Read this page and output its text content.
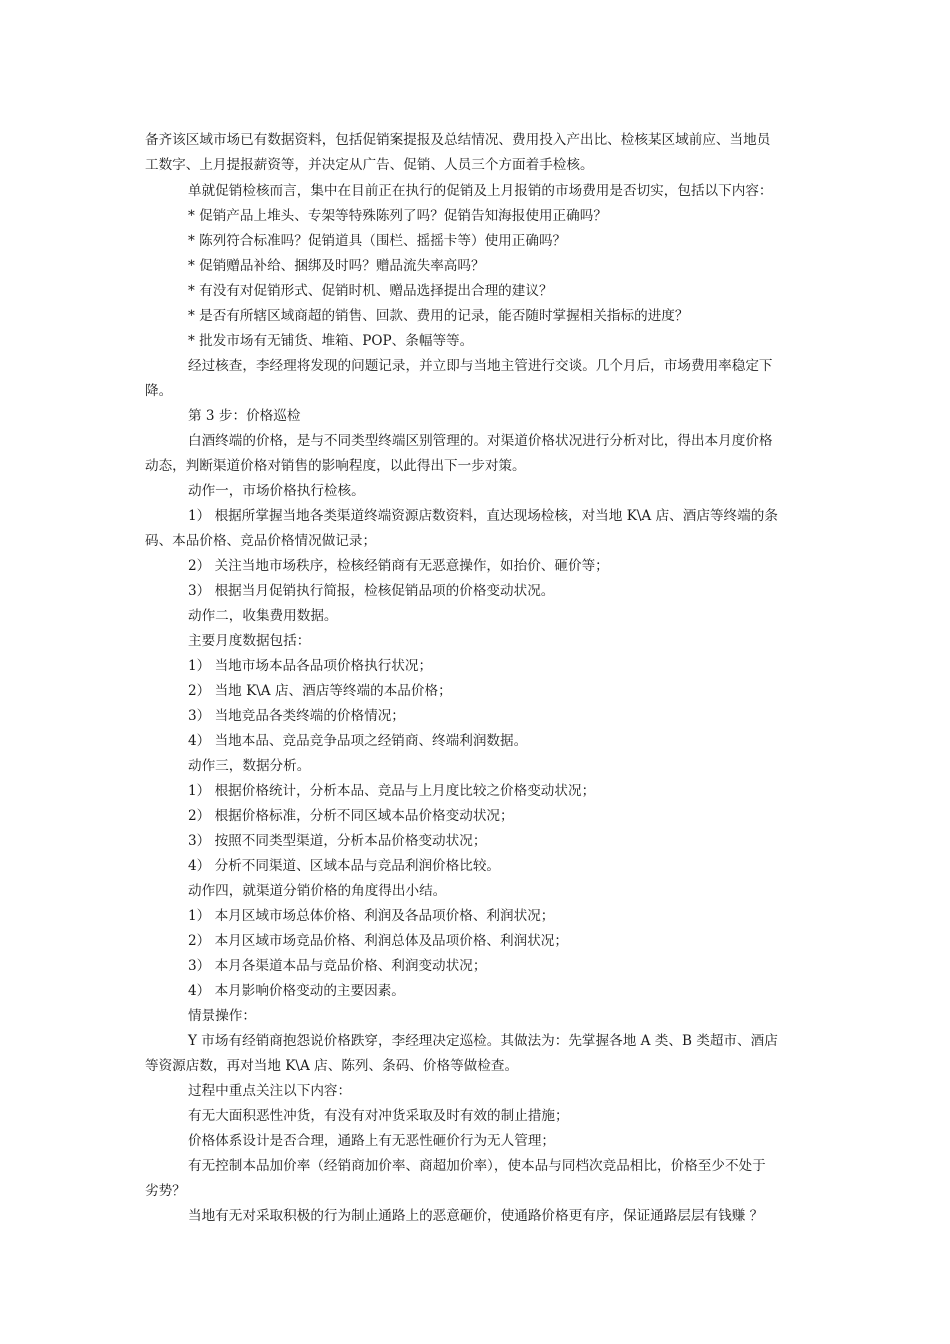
备齐该区域市场已有数据资料，包括促销案提报及总结情况、费用投入产出比、检核某区域前应、当地员
工数字、上月提报薪资等，并决定从广告、促销、人员三个方面着手检核。
单就促销检核而言，集中在目前正在执行的促销及上月报销的市场费用是否切实，包括以下内容：
* 促销产品上堆头、专架等特殊陈列了吗？促销告知海报使用正确吗？
* 陈列符合标准吗？促销道具（围栏、摇摇卡等）使用正确吗？
* 促销赠品补给、捆绑及时吗？赠品流失率高吗？
* 有没有对促销形式、促销时机、赠品选择提出合理的建议？
* 是否有所辖区域商超的销售、回款、费用的记录，能否随时掌握相关指标的进度？
* 批发市场有无铺货、堆箱、POP、条幅等等。
经过核查，李经理将发现的问题记录，并立即与当地主管进行交谈。几个月后，市场费用率稳定下
降。
第 3 步：价格巡检
白酒终端的价格，是与不同类型终端区别管理的。对渠道价格状况进行分析对比，得出本月度价格
动态，判断渠道价格对销售的影响程度，以此得出下一步对策。
动作一，市场价格执行检核。
1） 根据所掌握当地各类渠道终端资源店数资料，直达现场检核，对当地 K\A 店、酒店等终端的条
码、本品价格、竞品价格情况做记录；
2） 关注当地市场秩序，检核经销商有无恶意操作，如抬价、砸价等；
3） 根据当月促销执行简报，检核促销品项的价格变动状况。
动作二，收集费用数据。
主要月度数据包括：
1） 当地市场本品各品项价格执行状况；
2） 当地 K\A 店、酒店等终端的本品价格；
3） 当地竞品各类终端的价格情况；
4） 当地本品、竞品竞争品项之经销商、终端利润数据。
动作三，数据分析。
1） 根据价格统计，分析本品、竞品与上月度比较之价格变动状况；
2） 根据价格标准，分析不同区域本品价格变动状况；
3） 按照不同类型渠道，分析本品价格变动状况；
4） 分析不同渠道、区域本品与竞品利润价格比较。
动作四，就渠道分销价格的角度得出小结。
1） 本月区域市场总体价格、利润及各品项价格、利润状况；
2） 本月区域市场竞品价格、利润总体及品项价格、利润状况；
3） 本月各渠道本品与竞品价格、利润变动状况；
4） 本月影响价格变动的主要因素。
情景操作：
Y 市场有经销商抱怨说价格跌穿，李经理决定巡检。其做法为：先掌握各地 A 类、B 类超市、酒店
等资源店数，再对当地 K\A 店、陈列、条码、价格等做检查。
过程中重点关注以下内容：
有无大面积恶性冲货，有没有对冲货采取及时有效的制止措施；
价格体系设计是否合理，通路上有无恶性砸价行为无人管理；
有无控制本品加价率（经销商加价率、商超加价率），使本品与同档次竞品相比，价格至少不处于
劣势？
当地有无对采取积极的行为制止通路上的恶意砸价，使通路价格更有序，保证通路层层有钱赚 ？
